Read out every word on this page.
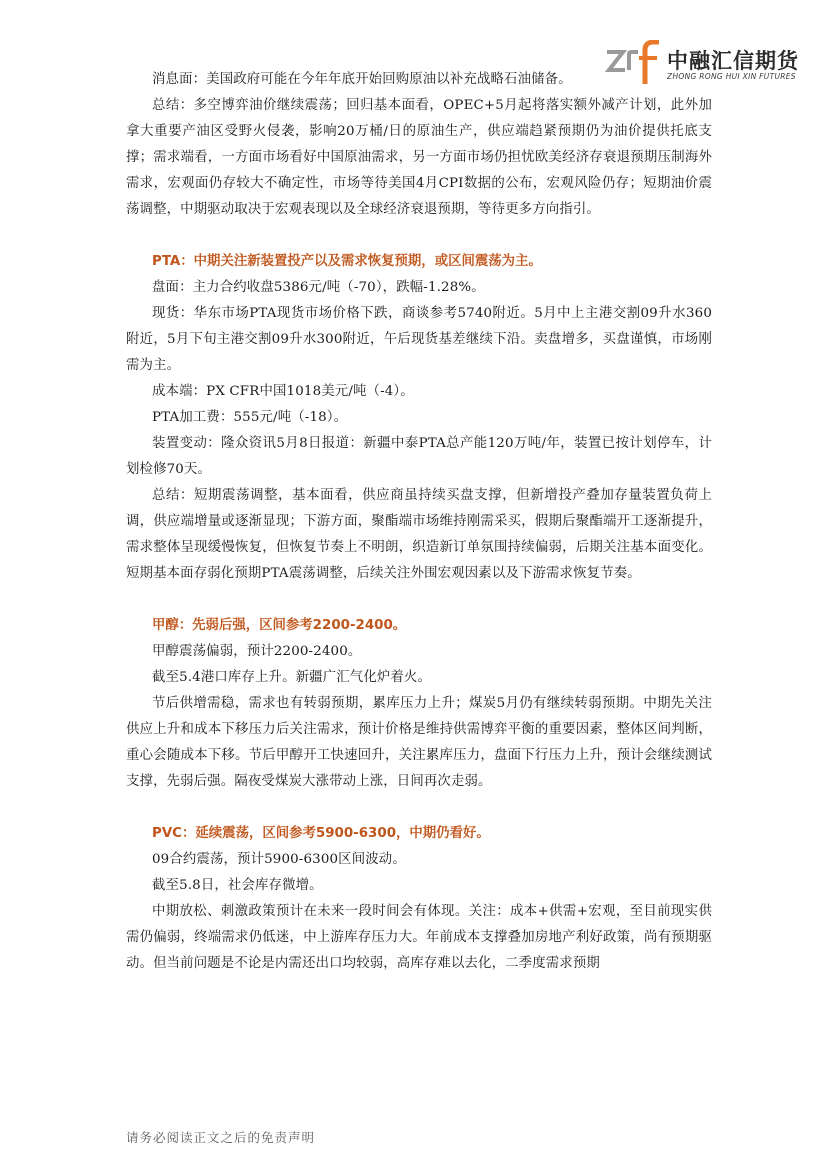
中融汇信期货
ZHONG RONG HUI XIN FUTURES

消息面：美国政府可能在今年年底开始回购原油以补充战略石油储备。

总结：多空博弈油价继续震荡；回归基本面看，OPEC+5月起将落实额外减产计划，此外加拿大重要产油区受野火侵袭，影响20万桶/日的原油生产，供应端趋紧预期仍为油价提供托底支撑；需求端看，一方面市场看好中国原油需求，另一方面市场仍担忧欧美经济存衰退预期压制海外需求，宏观面仍存较大不确定性，市场等待美国4月CPI数据的公布，宏观风险仍存；短期油价震荡调整，中期驱动取决于宏观表现以及全球经济衰退预期，等待更多方向指引。

PTA：中期关注新装置投产以及需求恢复预期，或区间震荡为主。

盘面：主力合约收盘5386元/吨（-70），跌幅-1.28%。

现货：华东市场PTA现货市场价格下跌，商谈参考5740附近。5月中上主港交割09升水360附近，5月下旬主港交割09升水300附近，午后现货基差继续下沿。卖盘增多，买盘谨慎，市场刚需为主。

成本端：PX CFR中国1018美元/吨（-4）。

PTA加工费：555元/吨（-18）。

装置变动：隆众资讯5月8日报道：新疆中泰PTA总产能120万吨/年，装置已按计划停车，计划检修70天。

总结：短期震荡调整，基本面看，供应商虽持续买盘支撑，但新增投产叠加存量装置负荷上调，供应端增量或逐渐显现；下游方面，聚酯端市场维持刚需采买，假期后聚酯端开工逐渐提升，需求整体呈现缓慢恢复，但恢复节奏上不明朗，织造新订单氛围持续偏弱，后期关注基本面变化。短期基本面存弱化预期PTA震荡调整，后续关注外围宏观因素以及下游需求恢复节奏。

甲醇：先弱后强，区间参考2200-2400。

甲醇震荡偏弱，预计2200-2400。

截至5.4港口库存上升。新疆广汇气化炉着火。

节后供增需稳，需求也有转弱预期，累库压力上升；煤炭5月仍有继续转弱预期。中期先关注供应上升和成本下移压力后关注需求，预计价格是维持供需博弈平衡的重要因素，整体区间判断，重心会随成本下移。节后甲醇开工快速回升，关注累库压力，盘面下行压力上升，预计会继续测试支撑，先弱后强。隔夜受煤炭大涨带动上涨，日间再次走弱。

PVC：延续震荡，区间参考5900-6300，中期仍看好。

09合约震荡，预计5900-6300区间波动。

截至5.8日，社会库存微增。

中期放松、刺激政策预计在未来一段时间会有体现。关注：成本+供需+宏观，至目前现实供需仍偏弱，终端需求仍低迷，中上游库存压力大。年前成本支撑叠加房地产利好政策，尚有预期驱动。但当前问题是不论是内需还出口均较弱，高库存难以去化，二季度需求预期

请务必阅读正文之后的免责声明
